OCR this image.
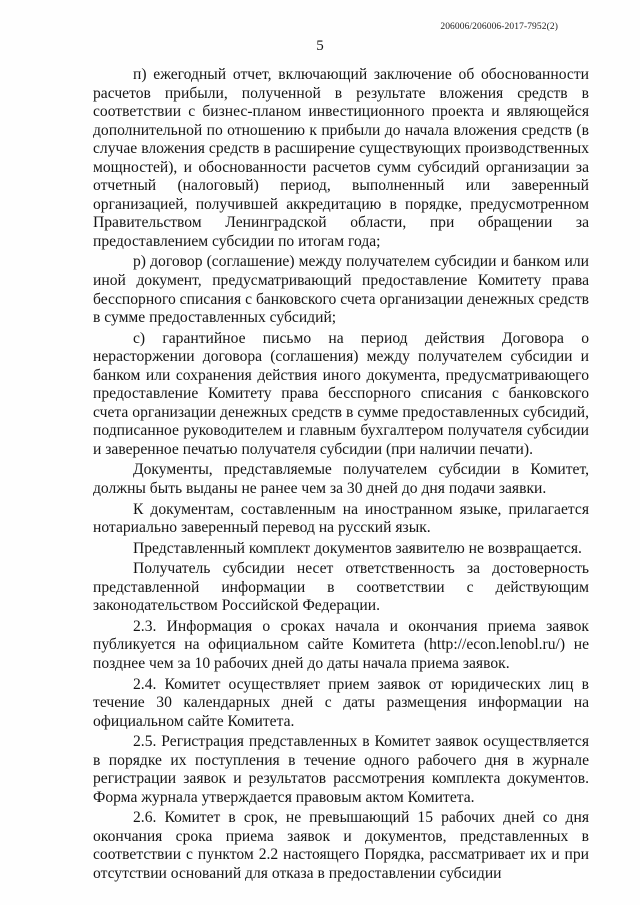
206006/206006-2017-7952(2)
5

п) ежегодный отчет, включающий заключение об обоснованности расчетов прибыли, полученной в результате вложения средств в соответствии с бизнес-планом инвестиционного проекта и являющейся дополнительной по отношению к прибыли до начала вложения средств (в случае вложения средств в расширение существующих производственных мощностей), и обоснованности расчетов сумм субсидий организации за отчетный (налоговый) период, выполненный или заверенный организацией, получившей аккредитацию в порядке, предусмотренном Правительством Ленинградской области, при обращении за предоставлением субсидии по итогам года;

р) договор (соглашение) между получателем субсидии и банком или иной документ, предусматривающий предоставление Комитету права бесспорного списания с банковского счета организации денежных средств в сумме предоставленных субсидий;

с) гарантийное письмо на период действия Договора о нерасторжении договора (соглашения) между получателем субсидии и банком или сохранения действия иного документа, предусматривающего предоставление Комитету права бесспорного списания с банковского счета организации денежных средств в сумме предоставленных субсидий, подписанное руководителем и главным бухгалтером получателя субсидии и заверенное печатью получателя субсидии (при наличии печати).

Документы, представляемые получателем субсидии в Комитет, должны быть выданы не ранее чем за 30 дней до дня подачи заявки.

К документам, составленным на иностранном языке, прилагается нотариально заверенный перевод на русский язык.

Представленный комплект документов заявителю не возвращается.

Получатель субсидии несет ответственность за достоверность представленной информации в соответствии с действующим законодательством Российской Федерации.

2.3. Информация о сроках начала и окончания приема заявок публикуется на официальном сайте Комитета (http://econ.lenobl.ru/) не позднее чем за 10 рабочих дней до даты начала приема заявок.

2.4. Комитет осуществляет прием заявок от юридических лиц в течение 30 календарных дней с даты размещения информации на официальном сайте Комитета.

2.5. Регистрация представленных в Комитет заявок осуществляется в порядке их поступления в течение одного рабочего дня в журнале регистрации заявок и результатов рассмотрения комплекта документов. Форма журнала утверждается правовым актом Комитета.

2.6. Комитет в срок, не превышающий 15 рабочих дней со дня окончания срока приема заявок и документов, представленных в соответствии с пунктом 2.2 настоящего Порядка, рассматривает их и при отсутствии оснований для отказа в предоставлении субсидии
